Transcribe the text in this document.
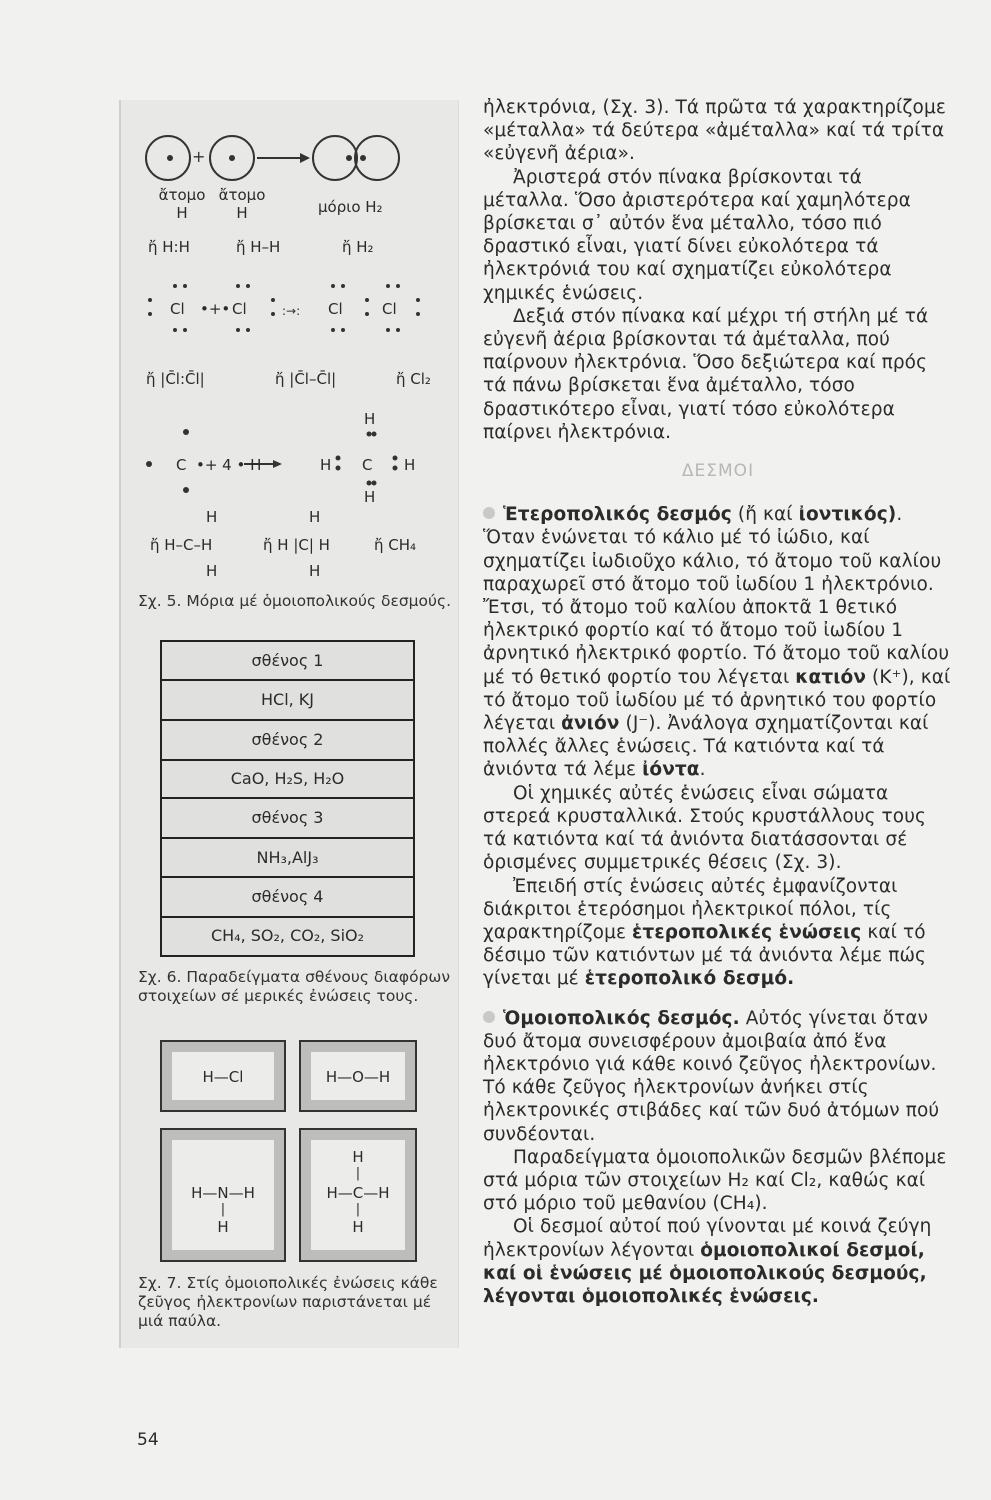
+
ἄτομο
H
ἄτομο
H	μόριο H₂
ἤ H:H	ἤ H–H	ἤ H₂
Cl •+• Cl	Cl	Cl
:→:
ἤ |C̄l:C̄l|	ἤ |C̄l–C̄l|	ἤ Cl₂
C •+ 4 • H	H C H
H
H
H	H
ἤ H–C–H	ἤ H |C| H	ἤ CH₄
H	H
Σχ. 5. Μόρια μέ ὁμοιοπολικούς δεσμούς.
σθένος 1
HCl, KJ
σθένος 2
CaO, H₂S, H₂O
σθένος 3
NH₃,AlJ₃
σθένος 4
CH₄, SO₂, CO₂, SiO₂
Σχ. 6. Παραδείγματα σθένους διαφόρων στοιχείων σέ μερικές ἐνώσεις τους.
H—Cl	H—O—H
H—N—H
|
H
H
|
H—C—H
|
H
Σχ. 7. Στίς ὁμοιοπολικές ἐνώσεις κάθε ζεῦγος ἠλεκτρονίων παριστάνεται μέ μιά παύλα.

ἠλεκτρόνια, (Σχ. 3). Τά πρῶτα τά χαρακτηρίζομε «μέταλλα» τά δεύτερα «ἀμέταλλα» καί τά τρίτα «εὐγενῆ ἀέρια».

Ἀριστερά στόν πίνακα βρίσκονται τά μέταλλα. Ὅσο ἀριστερότερα καί χαμηλότερα βρίσκεται σ᾽ αὐτόν ἕνα μέταλλο, τόσο πιό δραστικό εἶναι, γιατί δίνει εὐκολότερα τά ἠλεκτρόνιά του καί σχηματίζει εὐκολότερα χημικές ἑνώσεις.

Δεξιά στόν πίνακα καί μέχρι τή στήλη μέ τά εὐγενῆ ἀέρια βρίσκονται τά ἀμέταλλα, πού παίρνουν ἠλεκτρόνια. Ὅσο δεξιώτερα καί πρός τά πάνω βρίσκεται ἕνα ἀμέταλλο, τόσο δραστικότερο εἶναι, γιατί τόσο εὐκολότερα παίρνει ἠλεκτρόνια.

ΔΕΣΜΟΙ

Ἑτεροπολικός δεσμός (ἤ καί ἰοντικός). Ὅταν ἑνώνεται τό κάλιο μέ τό ἰώδιο, καί σχηματίζει ἰωδιοῦχο κάλιο, τό ἄτομο τοῦ καλίου παραχωρεῖ στό ἄτομο τοῦ ἰωδίου 1 ἠλεκτρόνιο. Ἔτσι, τό ἄτομο τοῦ καλίου ἀποκτᾶ 1 θετικό ἠλεκτρικό φορτίο καί τό ἄτομο τοῦ ἰωδίου 1 ἀρνητικό ἠλεκτρικό φορτίο. Τό ἄτομο τοῦ καλίου μέ τό θετικό φορτίο του λέγεται κατιόν (K⁺), καί τό ἄτομο τοῦ ἰωδίου μέ τό ἀρνητικό του φορτίο λέγεται ἀνιόν (J⁻). Ἀνάλογα σχηματίζονται καί πολλές ἄλλες ἑνώσεις. Τά κατιόντα καί τά ἀνιόντα τά λέμε ἰόντα.

Οἱ χημικές αὐτές ἑνώσεις εἶναι σώματα στερεά κρυσταλλικά. Στούς κρυστάλλους τους τά κατιόντα καί τά ἀνιόντα διατάσσονται σέ ὁρισμένες συμμετρικές θέσεις (Σχ. 3).

Ἐπειδή στίς ἑνώσεις αὐτές ἐμφανίζονται διάκριτοι ἑτερόσημοι ἠλεκτρικοί πόλοι, τίς χαρακτηρίζομε ἑτεροπολικές ἑνώσεις καί τό δέσιμο τῶν κατιόντων μέ τά ἀνιόντα λέμε πώς γίνεται μέ ἑτεροπολικό δεσμό.

Ὁμοιοπολικός δεσμός. Αὐτός γίνεται ὅταν δυό ἄτομα συνεισφέρουν ἀμοιβαία ἀπό ἕνα ἠλεκτρόνιο γιά κάθε κοινό ζεῦγος ἠλεκτρονίων. Τό κάθε ζεῦγος ἠλεκτρονίων ἀνήκει στίς ἠλεκτρονικές στιβάδες καί τῶν δυό ἀτόμων πού συνδέονται.

Παραδείγματα ὁμοιοπολικῶν δεσμῶν βλέπομε στά μόρια τῶν στοιχείων H₂ καί Cl₂, καθώς καί στό μόριο τοῦ μεθανίου (CH₄).

Οἱ δεσμοί αὐτοί πού γίνονται μέ κοινά ζεύγη ἠλεκτρονίων λέγονται ὁμοιοπολικοί δεσμοί, καί οἱ ἑνώσεις μέ ὁμοιοπολικούς δεσμούς, λέγονται ὁμοιοπολικές ἑνώσεις.

54
